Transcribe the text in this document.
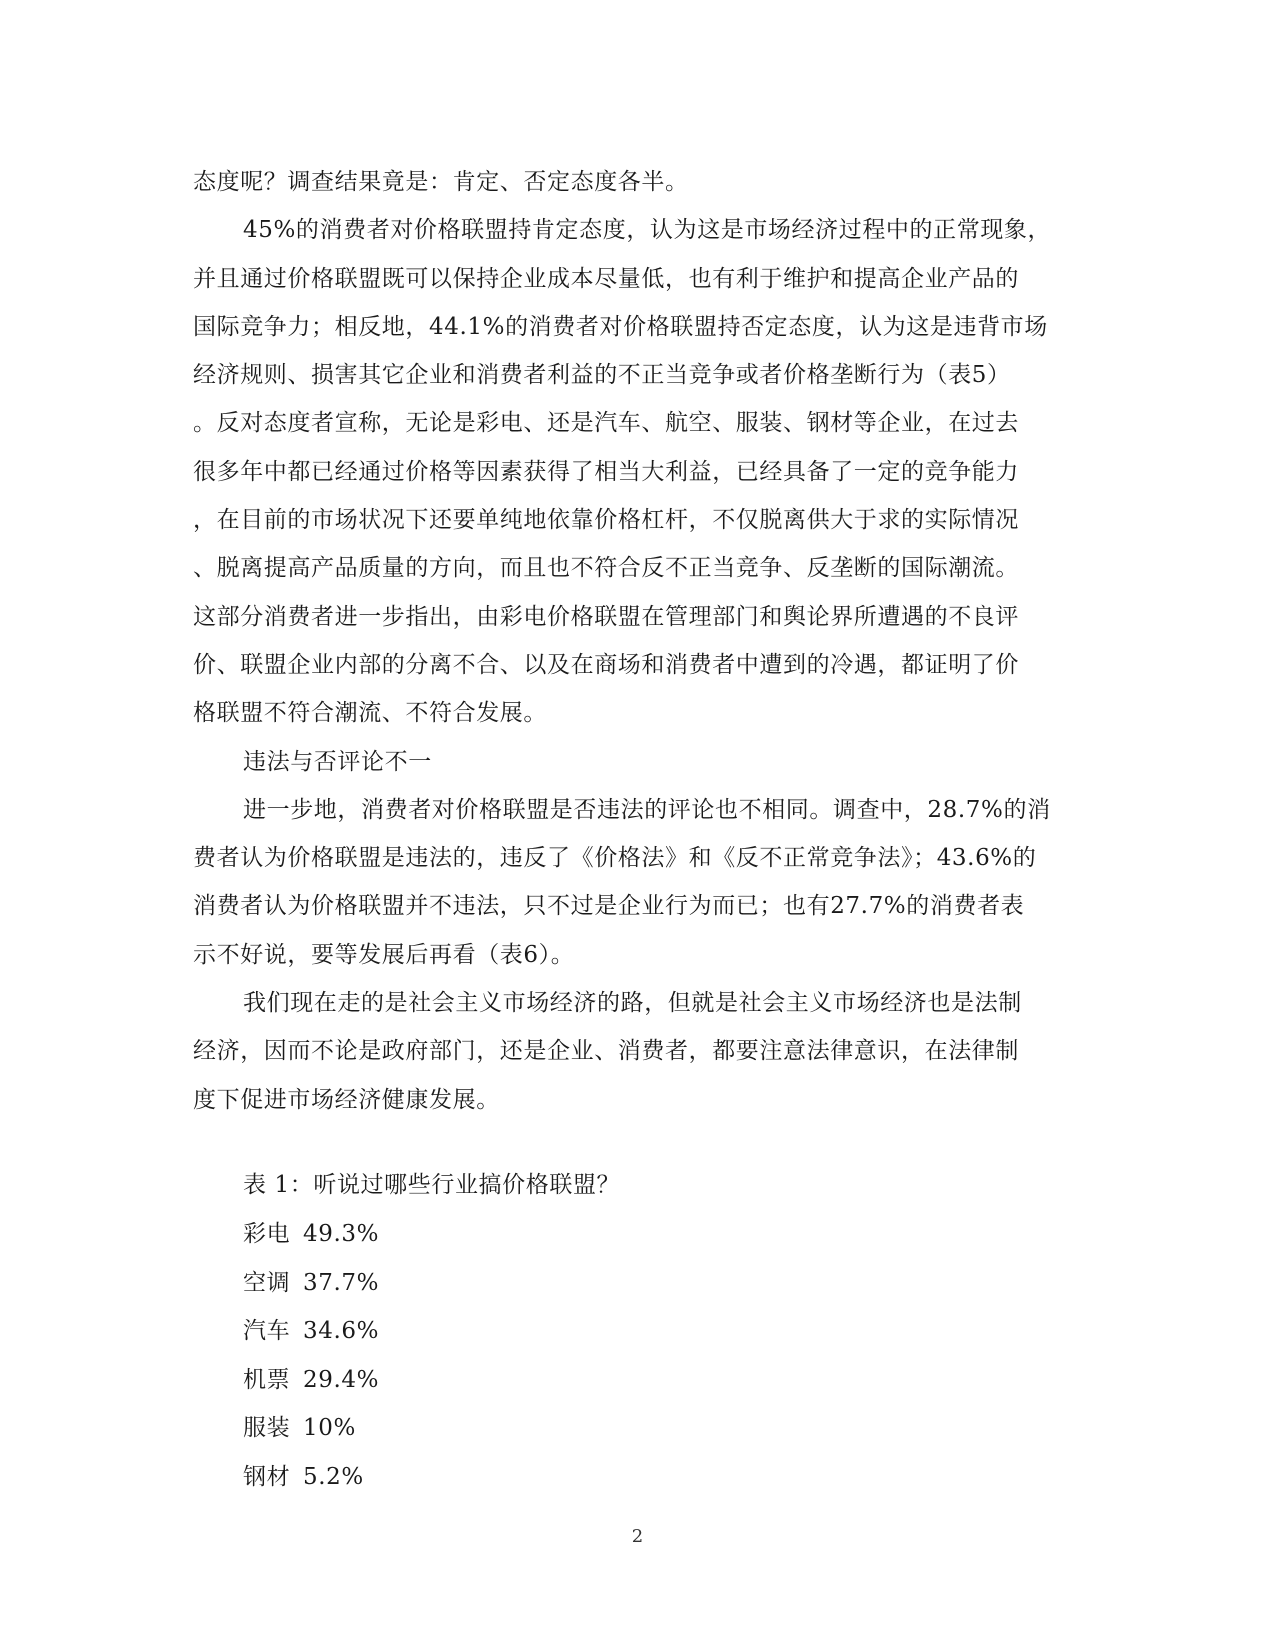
态度呢？调查结果竟是：肯定、否定态度各半。
45%的消费者对价格联盟持肯定态度，认为这是市场经济过程中的正常现象，
并且通过价格联盟既可以保持企业成本尽量低，也有利于维护和提高企业产品的
国际竞争力；相反地，44.1%的消费者对价格联盟持否定态度，认为这是违背市场
经济规则、损害其它企业和消费者利益的不正当竞争或者价格垄断行为（表5）
。反对态度者宣称，无论是彩电、还是汽车、航空、服装、钢材等企业，在过去
很多年中都已经通过价格等因素获得了相当大利益，已经具备了一定的竞争能力
，在目前的市场状况下还要单纯地依靠价格杠杆，不仅脱离供大于求的实际情况
、脱离提高产品质量的方向，而且也不符合反不正当竞争、反垄断的国际潮流。
这部分消费者进一步指出，由彩电价格联盟在管理部门和舆论界所遭遇的不良评
价、联盟企业内部的分离不合、以及在商场和消费者中遭到的冷遇，都证明了价
格联盟不符合潮流、不符合发展。
违法与否评论不一
进一步地，消费者对价格联盟是否违法的评论也不相同。调查中，28.7%的消
费者认为价格联盟是违法的，违反了《价格法》和《反不正常竞争法》；43.6%的
消费者认为价格联盟并不违法，只不过是企业行为而已；也有27.7%的消费者表
示不好说，要等发展后再看（表6）。
我们现在走的是社会主义市场经济的路，但就是社会主义市场经济也是法制
经济，因而不论是政府部门，还是企业、消费者，都要注意法律意识，在法律制
度下促进市场经济健康发展。
表 1：听说过哪些行业搞价格联盟？
彩电 49.3%
空调 37.7%
汽车 34.6%
机票 29.4%
服装 10%
钢材 5.2%
2
